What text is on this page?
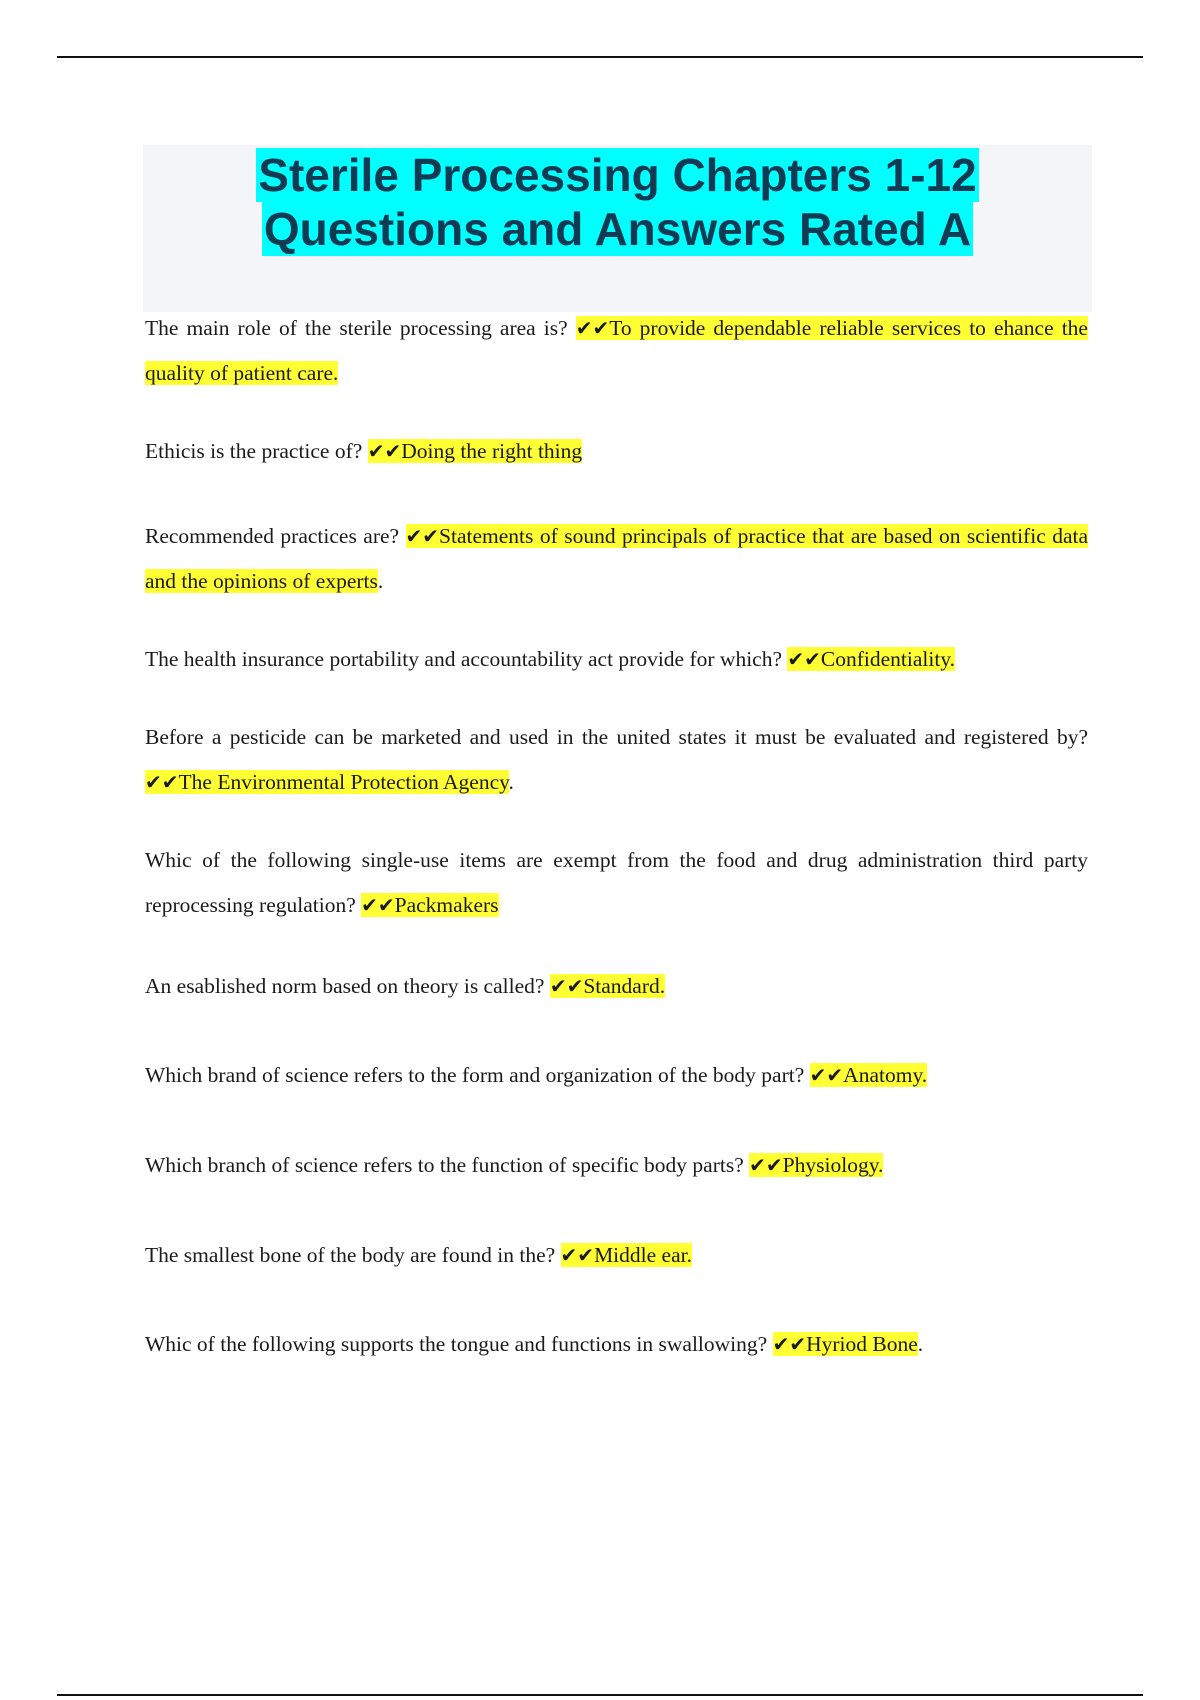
Sterile Processing Chapters 1-12
Questions and Answers Rated A

The main role of the sterile processing area is? ✔✔To provide dependable reliable services to ehance the quality of patient care.

Ethicis is the practice of? ✔✔Doing the right thing

Recommended practices are? ✔✔Statements of sound principals of practice that are based on scientific data and the opinions of experts.

The health insurance portability and accountability act provide for which? ✔✔Confidentiality.

Before a pesticide can be marketed and used in the united states it must be evaluated and registered by? ✔✔The Environmental Protection Agency.

Whic of the following single-use items are exempt from the food and drug administration third party reprocessing regulation? ✔✔Packmakers

An esablished norm based on theory is called? ✔✔Standard.

Which brand of science refers to the form and organization of the body part? ✔✔Anatomy.

Which branch of science refers to the function of specific body parts? ✔✔Physiology.

The smallest bone of the body are found in the? ✔✔Middle ear.

Whic of the following supports the tongue and functions in swallowing? ✔✔Hyriod Bone.
